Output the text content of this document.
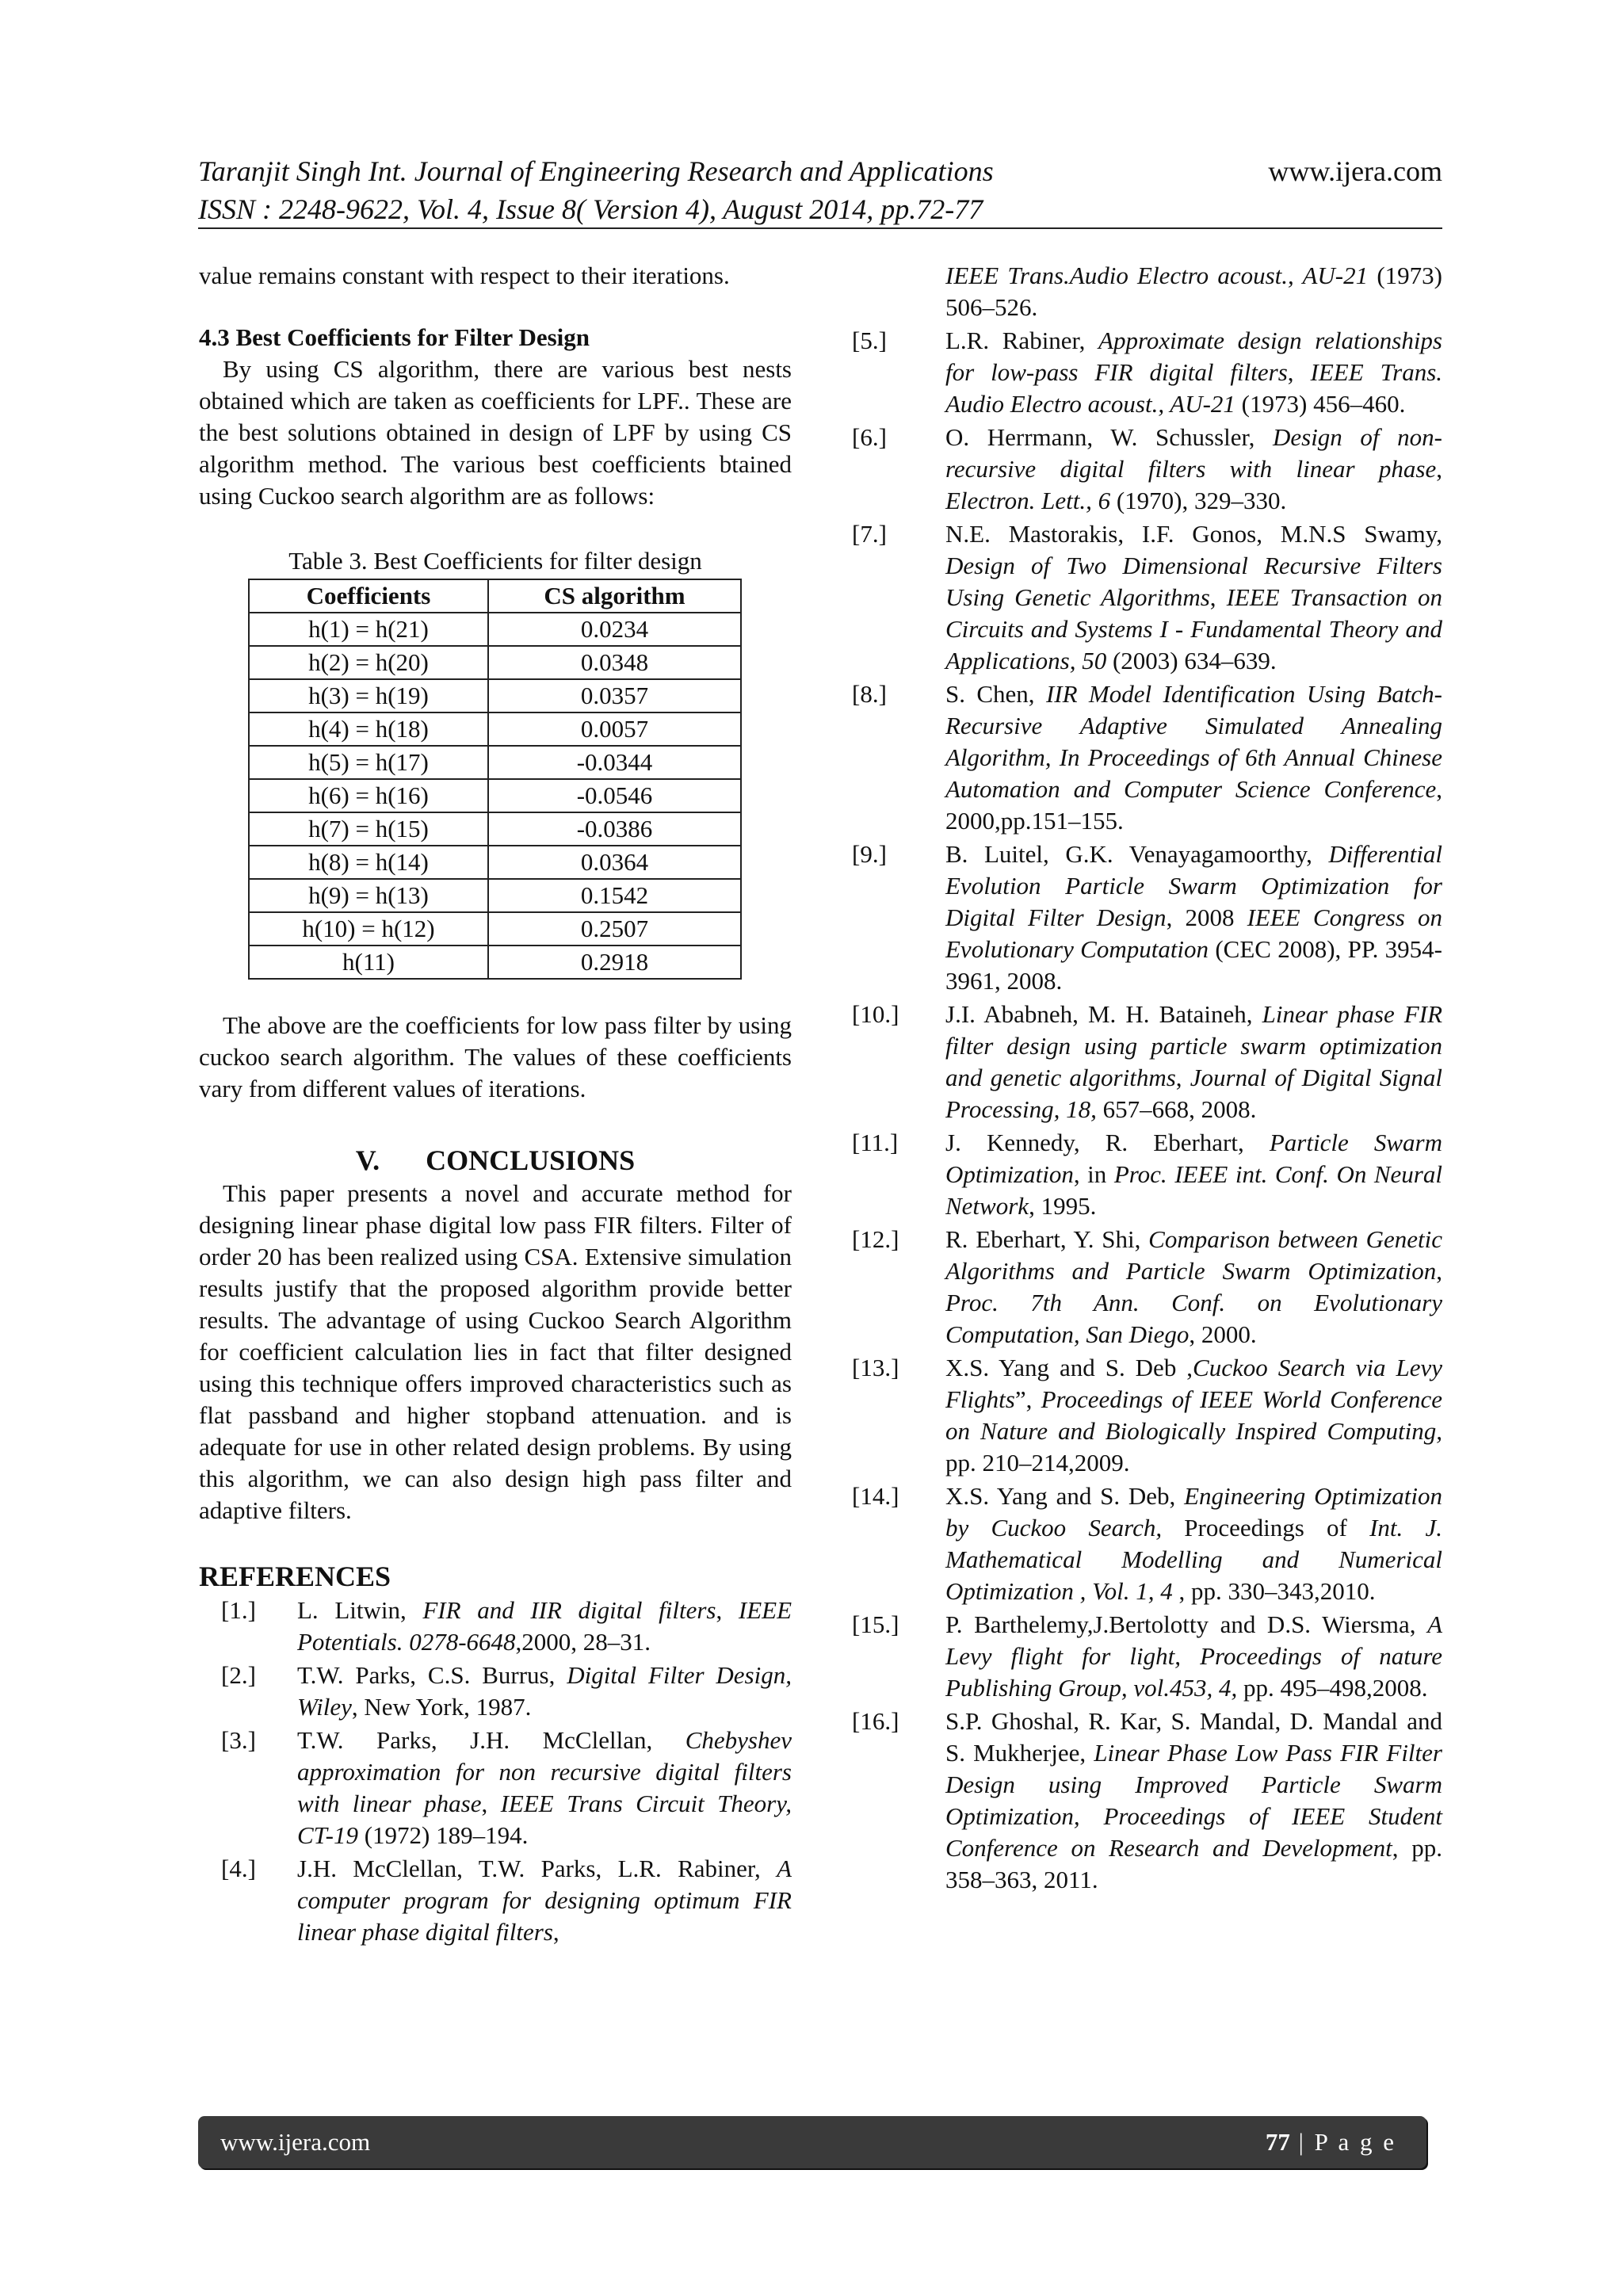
Taranjit Singh Int. Journal of Engineering Research and Applications	www.ijera.com
ISSN : 2248-9622, Vol. 4, Issue 8( Version 4), August 2014, pp.72-77

value remains constant with respect to their iterations.

4.3 Best Coefficients for Filter Design

By using CS algorithm, there are various best nests obtained which are taken as coefficients for LPF.. These are the best solutions obtained in design of LPF by using CS algorithm method. The various best coefficients btained using Cuckoo search algorithm are as follows:

Table 3. Best Coefficients for filter design
Coefficients	CS algorithm
h(1) = h(21)	0.0234
h(2) = h(20)	0.0348
h(3) = h(19)	0.0357
h(4) = h(18)	0.0057
h(5) = h(17)	-0.0344
h(6) = h(16)	-0.0546
h(7) = h(15)	-0.0386
h(8) = h(14)	0.0364
h(9) = h(13)	0.1542
h(10) = h(12)	0.2507
h(11)	0.2918

The above are the coefficients for low pass filter by using cuckoo search algorithm. The values of these coefficients vary from different values of iterations.

V. CONCLUSIONS

This paper presents a novel and accurate method for designing linear phase digital low pass FIR filters. Filter of order 20 has been realized using CSA. Extensive simulation results justify that the proposed algorithm provide better results. The advantage of using Cuckoo Search Algorithm for coefficient calculation lies in fact that filter designed using this technique offers improved characteristics such as flat passband and higher stopband attenuation. and is adequate for use in other related design problems. By using this algorithm, we can also design high pass filter and adaptive filters.

REFERENCES
[1.] L. Litwin, FIR and IIR digital filters, IEEE Potentials. 0278-6648,2000, 28–31.
[2.] T.W. Parks, C.S. Burrus, Digital Filter Design, Wiley, New York, 1987.
[3.] T.W. Parks, J.H. McClellan, Chebyshev approximation for non recursive digital filters with linear phase, IEEE Trans Circuit Theory, CT-19 (1972) 189–194.
[4.] J.H. McClellan, T.W. Parks, L.R. Rabiner, A computer program for designing optimum FIR linear phase digital filters,
IEEE Trans.Audio Electro acoust., AU-21 (1973) 506–526.
[5.] L.R. Rabiner, Approximate design relationships for low-pass FIR digital filters, IEEE Trans. Audio Electro acoust., AU-21 (1973) 456–460.
[6.] O. Herrmann, W. Schussler, Design of non-recursive digital filters with linear phase, Electron. Lett., 6 (1970), 329–330.
[7.] N.E. Mastorakis, I.F. Gonos, M.N.S Swamy, Design of Two Dimensional Recursive Filters Using Genetic Algorithms, IEEE Transaction on Circuits and Systems I - Fundamental Theory and Applications, 50 (2003) 634–639.
[8.] S. Chen, IIR Model Identification Using Batch-Recursive Adaptive Simulated Annealing Algorithm, In Proceedings of 6th Annual Chinese Automation and Computer Science Conference, 2000,pp.151–155.
[9.] B. Luitel, G.K. Venayagamoorthy, Differential Evolution Particle Swarm Optimization for Digital Filter Design, 2008 IEEE Congress on Evolutionary Computation (CEC 2008), PP. 3954-3961, 2008.
[10.] J.I. Ababneh, M. H. Bataineh, Linear phase FIR filter design using particle swarm optimization and genetic algorithms, Journal of Digital Signal Processing, 18, 657–668, 2008.
[11.] J. Kennedy, R. Eberhart, Particle Swarm Optimization, in Proc. IEEE int. Conf. On Neural Network, 1995.
[12.] R. Eberhart, Y. Shi, Comparison between Genetic Algorithms and Particle Swarm Optimization, Proc. 7th Ann. Conf. on Evolutionary Computation, San Diego, 2000.
[13.] X.S. Yang and S. Deb ,Cuckoo Search via Levy Flights”, Proceedings of IEEE World Conference on Nature and Biologically Inspired Computing, pp. 210–214,2009.
[14.] X.S. Yang and S. Deb, Engineering Optimization by Cuckoo Search, Proceedings of Int. J. Mathematical Modelling and Numerical Optimization , Vol. 1, 4 , pp. 330–343,2010.
[15.] P. Barthelemy,J.Bertolotty and D.S. Wiersma, A Levy flight for light, Proceedings of nature Publishing Group, vol.453, 4, pp. 495–498,2008.
[16.] S.P. Ghoshal, R. Kar, S. Mandal, D. Mandal and S. Mukherjee, Linear Phase Low Pass FIR Filter Design using Improved Particle Swarm Optimization, Proceedings of IEEE Student Conference on Research and Development, pp. 358–363, 2011.
www.ijera.com	77 | P a g e
